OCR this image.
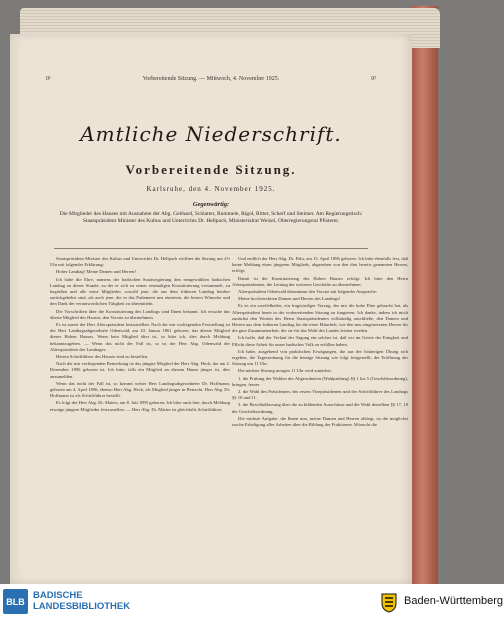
0¹	Vorbereitende Sitzung. — Mittwoch, 4. November 1925.	0²
Amtliche Niederschrift.
Vorbereitende Sitzung.
Karlsruhe, den 4. November 1925.
Gegenwärtig:
Die Mitglieder des Hauses mit Ausnahme der Abg. Gebhard, Schlatter, Rummele, Rigol, Ritter, Scherf und Steimer. Am Regierungstisch: Staatspräsident Minister des Kultus und Unterrichts Dr. Hellpach, Ministerialrat Weizel, Oberregierungsrat Pfisterer.

Staatspräsident Minister des Kultus und Unterrichts Dr. Hellpach eröffnet die Sitzung um 4½ Uhr mit folgender Erklärung:

Hoher Landtag! Meine Damen und Herren!

Ich habe die Ehre, namens der badischen Staatsregierung den neugewählten badischen Landtag zu dieser Stunde, zu der er sich zu seiner erstmaligen Konstituierung versammelt, zu begrüßen und alle seine Mitglieder, sowohl jene, die aus dem früheren Landtag hierher zurückgekehrt sind, als auch jene, die in das Parlament neu eintreten, die besten Wünsche und den Dank der verantwortlichen Tätigkeit zu übermitteln.

Die Vorschriften über die Konstituierung des Landtags sind Ihnen bekannt. Ich ersuche das älteste Mitglied des Hauses, den Vorsitz zu übernehmen.

Es ist zuerst der Herr Alterspräsident festzustellen. Nach der mir vorliegenden Feststellung ist der Herr Landtagsabgeordnete Odenwald, am 10. Januar 1861 geboren, das älteste Mitglied dieses Hohen Hauses. Wenn kein Mitglied älter ist, so bitte ich, dies durch Meldung bekanntzugeben. — Wenn das nicht der Fall ist, so ist der Herr Abg. Odenwald der Alterspräsident des Landtages.

Herren Schriftführer des Hauses sind zu bestellen.

Nach der mir vorliegenden Bemerkung ist das jüngste Mitglied der Herr Abg. Heck, der am 2. Dezember 1896 geboren ist. Ich bitte, falls ein Mitglied an diesem Hause jünger ist, dies anzumelden.

Wenn das nicht der Fall ist, so kommt weiter Herr Landtagsabgeordneter Dr. Hoffmann, geboren am 4. April 1896, ebenso Herr Abg. Heck, als Mitglied jünger in Betracht. Herr Abg. Dr. Hoffmann ist als Schriftführer bestellt.

Es folgt der Herr Abg. Dr. Mattes, am 8. Juli 1895 geboren. Ich bitte auch hier, durch Meldung etwaige jüngere Mitglieder festzustellen. — Herr Abg. Dr. Mattes ist gleichfalls Schriftführer.

Und endlich der Herr Abg. Dr. Föhr, am 15. April 1896 geboren. Ich bitte ebenfalls fest, daß keine Meldung eines jüngeren Mitglieds, abgesehen von den drei bereits genannten Herren, erfolgt.

Damit ist die Konstituierung des Hohen Hauses erfolgt. Ich bitte den Herrn Alterspräsidenten, die Leitung der weiteren Geschäfte zu übernehmen.

Alterspräsident Odenwald übernimmt den Vorsitz mit folgender Ansprache:

Meine hochverehrten Damen und Herren des Landtags!

Es ist ein zweifelhafter, ein fragwürdiger Vorzug, der mir die hohe Ehre gebracht hat, als Alterspräsident heute in der vorbereitenden Sitzung zu fungieren. Ich danke, indem ich mich zunächst den Worten des Herrn Staatspräsidenten vollständig anschließe, den Damen und Herren aus dem früheren Landtag für die treue Mitarbeit, wie den neu eingetretenen Herren für die gute Zusammenarbeit, die sie für das Wohl des Landes leisten werden.

Ich hoffe, daß der Verlauf der Tagung ein solcher ist, daß wir im Geiste der Einigkeit und Pflicht diese Arbeit für unser badisches Volk zu erfüllen haben.

Ich habe, ausgehend von praktischen Erwägungen, die aus der bisherigen Übung sich ergeben, die Tagesordnung für die heutige Sitzung wie folgt festgestellt; die Eröffnung der Sitzung um 11 Uhr.

Die nächste Sitzung morgen 11 Uhr wird zunächst:

1. die Prüfung der Wahlen der Abgeordneten (Wahlprüfung) §§ 1 bis 5 (Geschäftsordnung), bringen, ferner

2. die Wahl des Präsidenten, des ersten Vizepräsidenten und der Schriftführer des Landtags §§ 10 und 11.

3. die Beschlußfassung über die zu bildenden Ausschüsse und die Wahl derselben §§ 17, 18 der Geschäftsordnung.

Die nächste Aufgabe, die Ihnen nun, meine Damen und Herren obliegt, ist die möglichst rasche Erledigung aller Arbeiten über die Bildung der Fraktionen. Wünscht die

BLB
BADISCHE
LANDESBIBLIOTHEK	Baden-Württemberg
